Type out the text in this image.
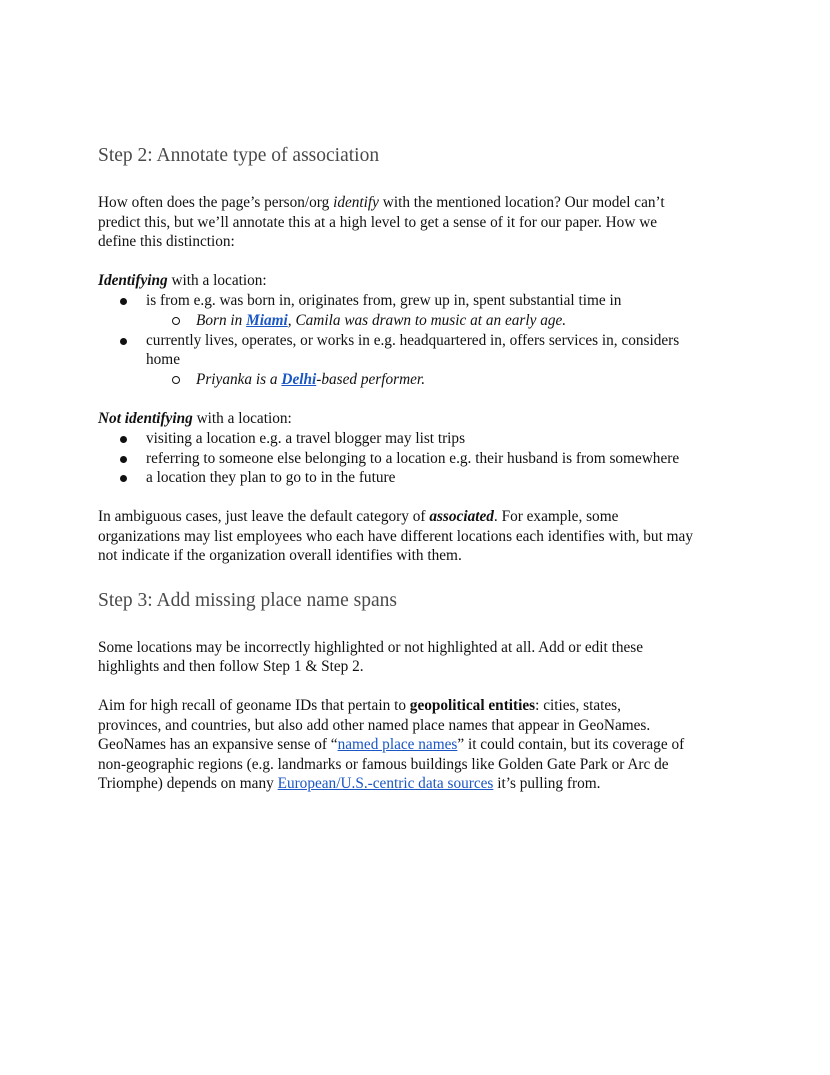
Step 2: Annotate type of association
How often does the page’s person/org identify with the mentioned location? Our model can’t
predict this, but we’ll annotate this at a high level to get a sense of it for our paper. How we
define this distinction:
Identifying with a location:
is from e.g. was born in, originates from, grew up in, spent substantial time in
Born in Miami, Camila was drawn to music at an early age.
currently lives, operates, or works in e.g. headquartered in, offers services in, considers
home
Priyanka is a Delhi-based performer.
Not identifying with a location:
visiting a location e.g. a travel blogger may list trips
referring to someone else belonging to a location e.g. their husband is from somewhere
a location they plan to go to in the future
In ambiguous cases, just leave the default category of associated. For example, some
organizations may list employees who each have different locations each identifies with, but may
not indicate if the organization overall identifies with them.
Step 3: Add missing place name spans
Some locations may be incorrectly highlighted or not highlighted at all. Add or edit these
highlights and then follow Step 1 & Step 2.
Aim for high recall of geoname IDs that pertain to geopolitical entities: cities, states,
provinces, and countries, but also add other named place names that appear in GeoNames.
GeoNames has an expansive sense of “named place names” it could contain, but its coverage of
non-geographic regions (e.g. landmarks or famous buildings like Golden Gate Park or Arc de
Triomphe) depends on many European/U.S.-centric data sources it’s pulling from.
